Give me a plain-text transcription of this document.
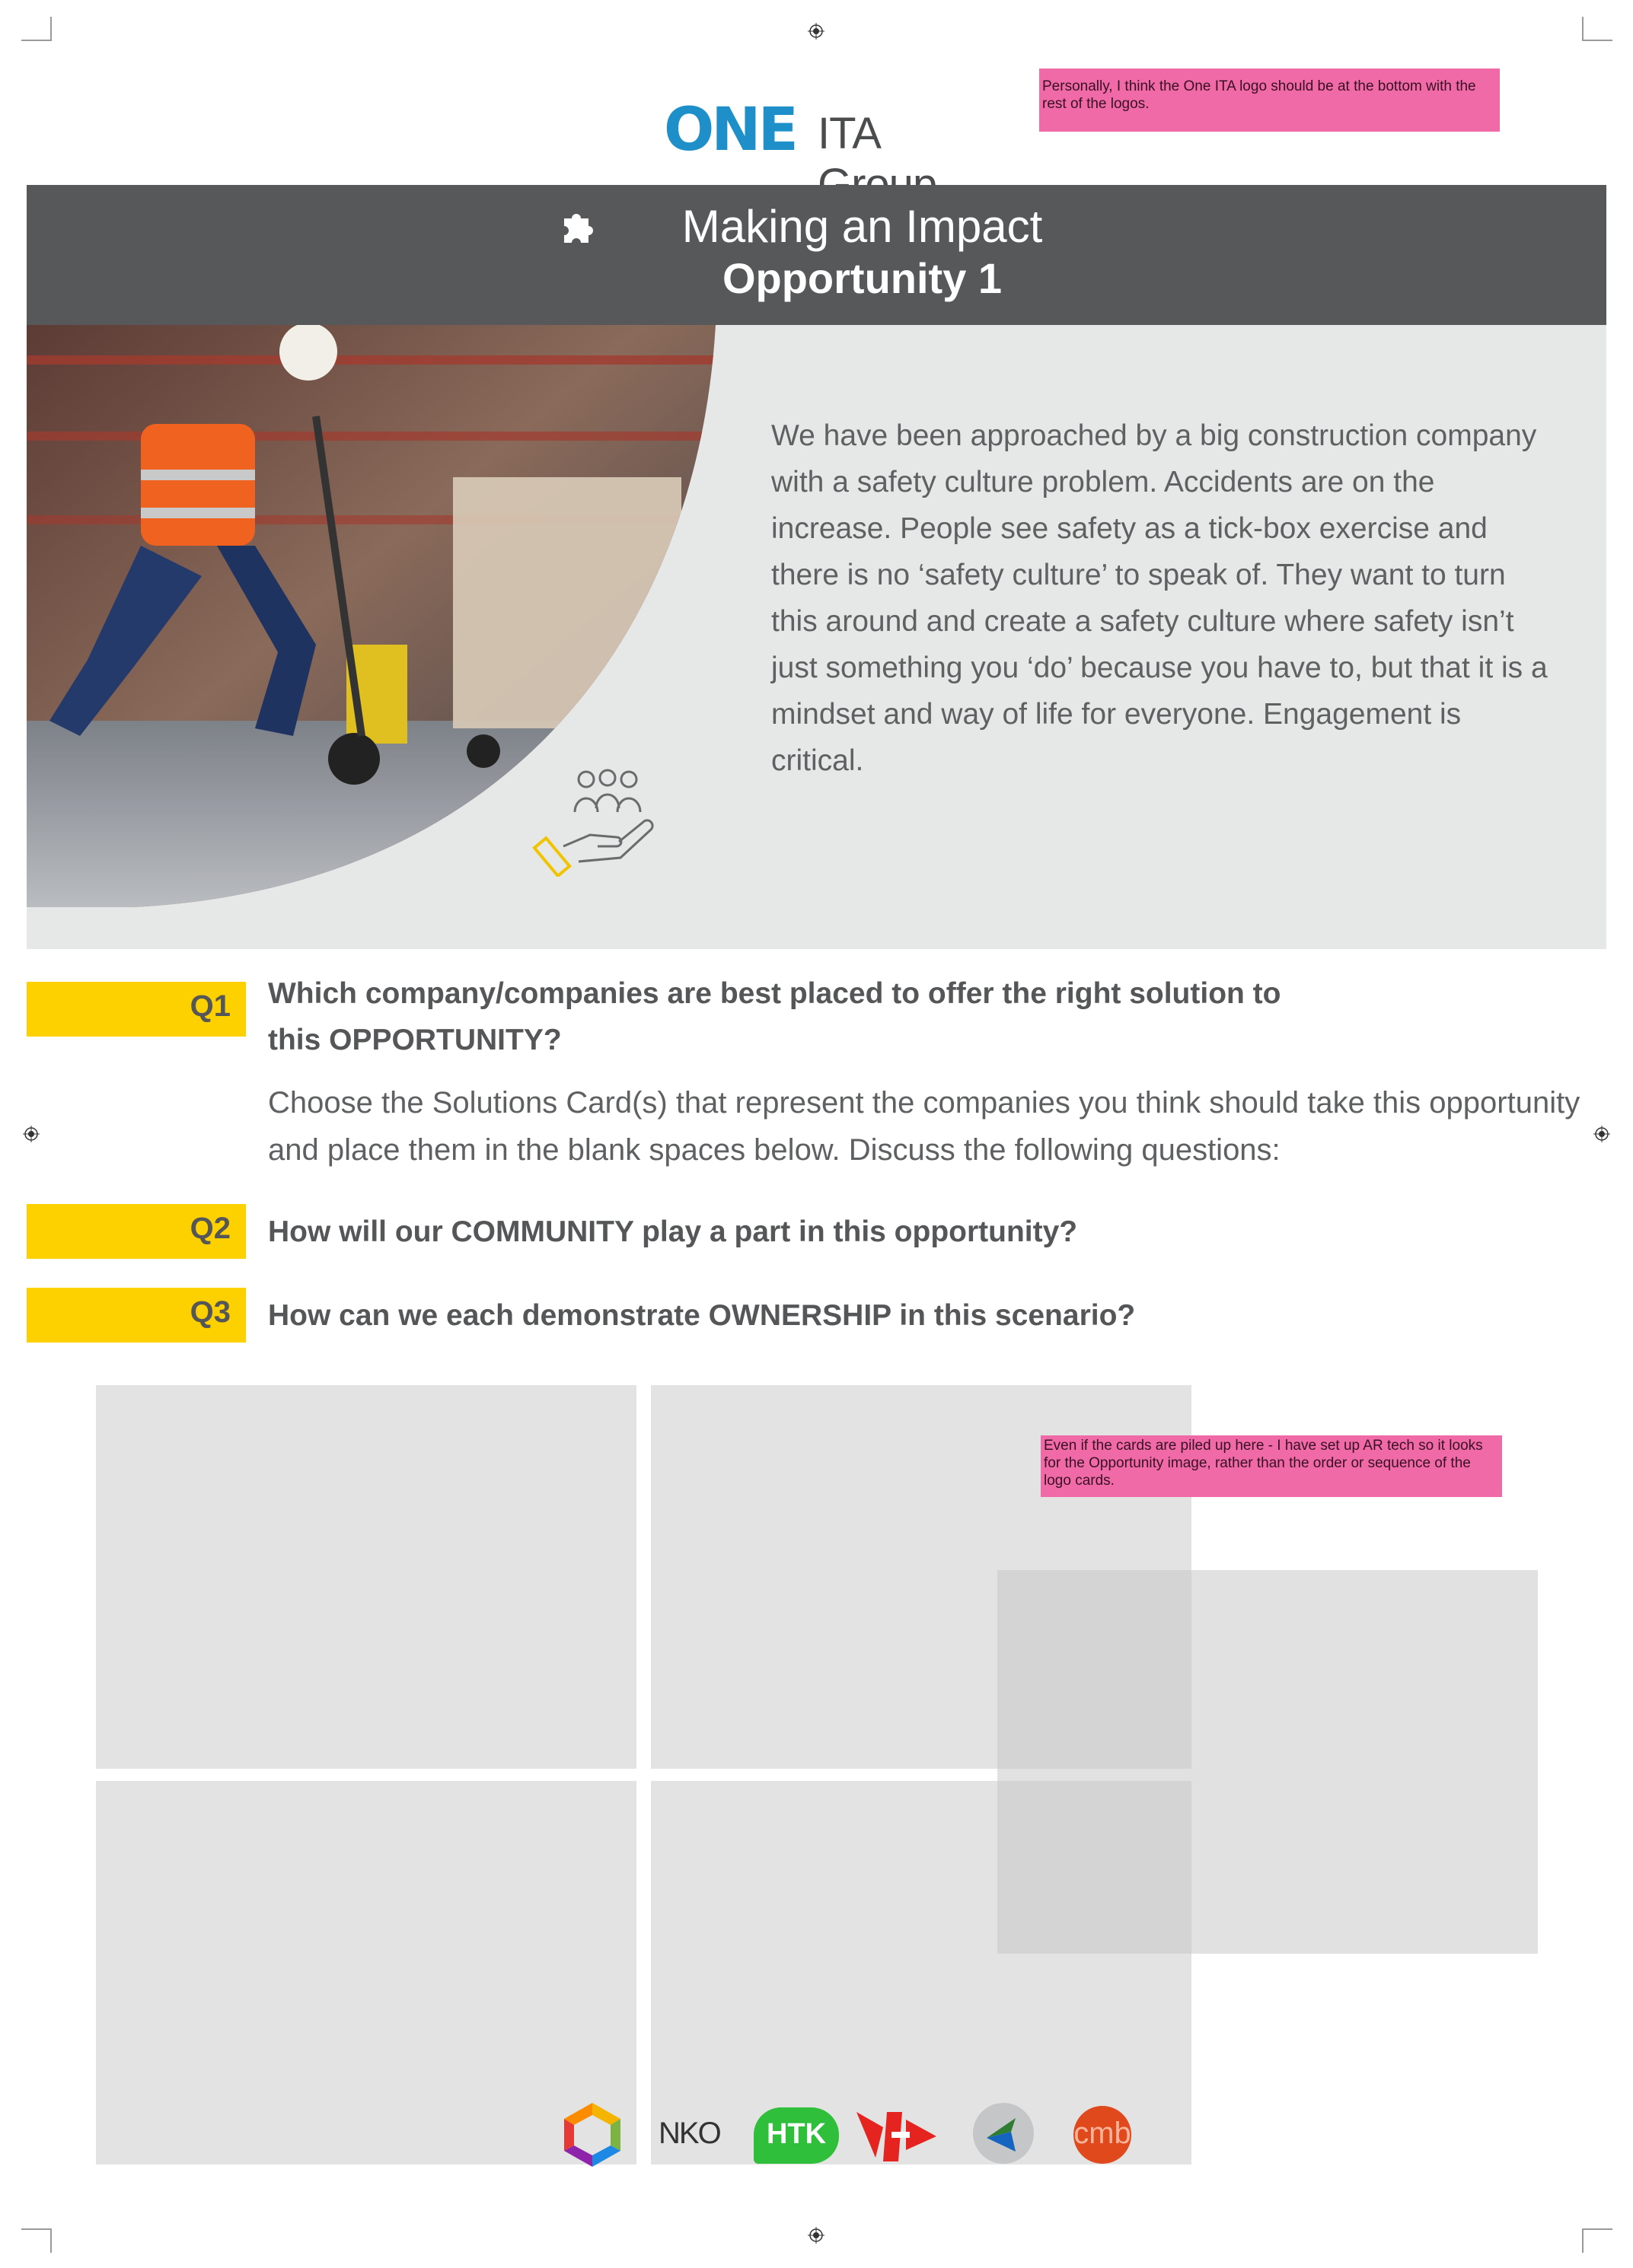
ONE ITA
Personally, I think the One ITA logo should be at the bottom with the rest of the logos.
Making an Impact
Opportunity 1
We have been approached by a big construction company with a safety culture problem. Accidents are on the increase. People see safety as a tick-box exercise and there is no ‘safety culture’ to speak of. They want to turn this around and create a safety culture where safety isn’t just something you ‘do’ because you have to, but that it is a mindset and way of life for everyone. Engagement is critical.
Q1 Which company/companies are best placed to offer the right solution to this OPPORTUNITY?
Choose the Solutions Card(s) that represent the companies you think should take this opportunity and place them in the blank spaces below. Discuss the following questions:
Q2 How will our COMMUNITY play a part in this opportunity?
Q3 How can we each demonstrate OWNERSHIP in this scenario?
Even if the cards are piled up here - I have set up AR tech so it looks for the Opportunity image, rather than the order or sequence of the logo cards.
NKO	HTK	cmb
